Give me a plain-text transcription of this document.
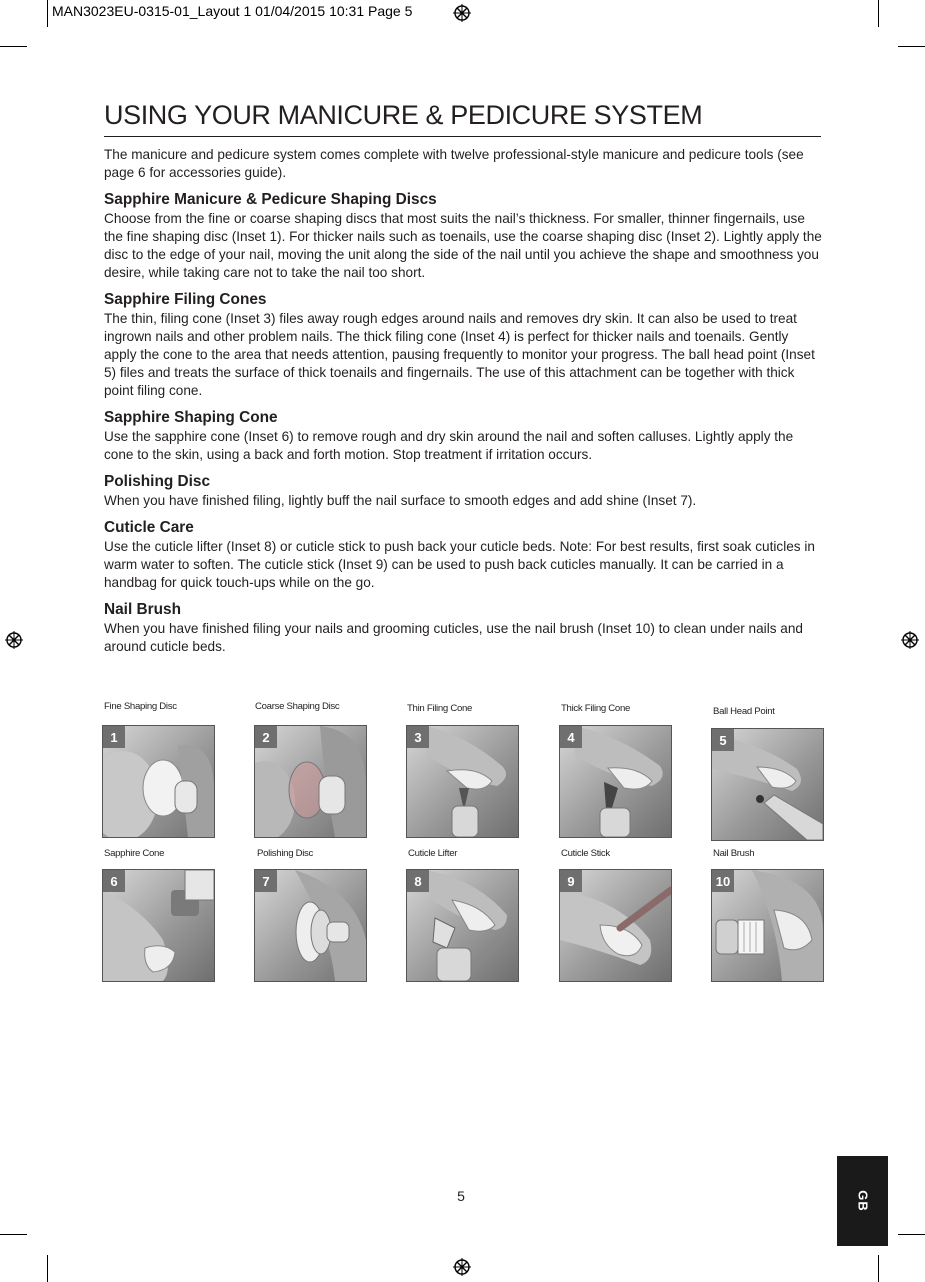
MAN3023EU-0315-01_Layout 1 01/04/2015 10:31 Page 5
USING YOUR MANICURE & PEDICURE SYSTEM

The manicure and pedicure system comes complete with twelve professional-style manicure and pedicure tools (see page 6 for accessories guide).

Sapphire Manicure & Pedicure Shaping Discs

Choose from the fine or coarse shaping discs that most suits the nail’s thickness. For smaller, thinner fingernails, use the fine shaping disc (Inset 1). For thicker nails such as toenails, use the coarse shaping disc (Inset 2). Lightly apply the disc to the edge of your nail, moving the unit along the side of the nail until you achieve the shape and smoothness you desire, while taking care not to take the nail too short.

Sapphire Filing Cones

The thin, filing cone (Inset 3) files away rough edges around nails and removes dry skin. It can also be used to treat ingrown nails and other problem nails. The thick filing cone (Inset 4) is perfect for thicker nails and toenails. Gently apply the cone to the area that needs attention, pausing frequently to monitor your progress. The ball head point (Inset 5) files and treats the surface of thick toenails and fingernails. The use of this attachment can be together with thick point filing cone.

Sapphire Shaping Cone

Use the sapphire cone (Inset 6) to remove rough and dry skin around the nail and soften calluses. Lightly apply the cone to the skin, using a back and forth motion. Stop treatment if irritation occurs.

Polishing Disc

When you have finished filing, lightly buff the nail surface to smooth edges and add shine (Inset 7).

Cuticle Care

Use the cuticle lifter (Inset 8) or cuticle stick to push back your cuticle beds. Note: For best results, first soak cuticles in warm water to soften. The cuticle stick (Inset 9) can be used to push back cuticles manually. It can be carried in a handbag for quick touch-ups while on the go.

Nail Brush

When you have finished filing your nails and grooming cuticles, use the nail brush (Inset 10) to clean under nails and around cuticle beds.

Fine Shaping Disc
1
Coarse Shaping Disc
2
Thin Filing Cone
3
Thick Filing Cone
4
Ball Head Point
5
Sapphire Cone
6
Polishing Disc
7
Cuticle Lifter
8
Cuticle Stick
9
Nail Brush
10
5	GB
